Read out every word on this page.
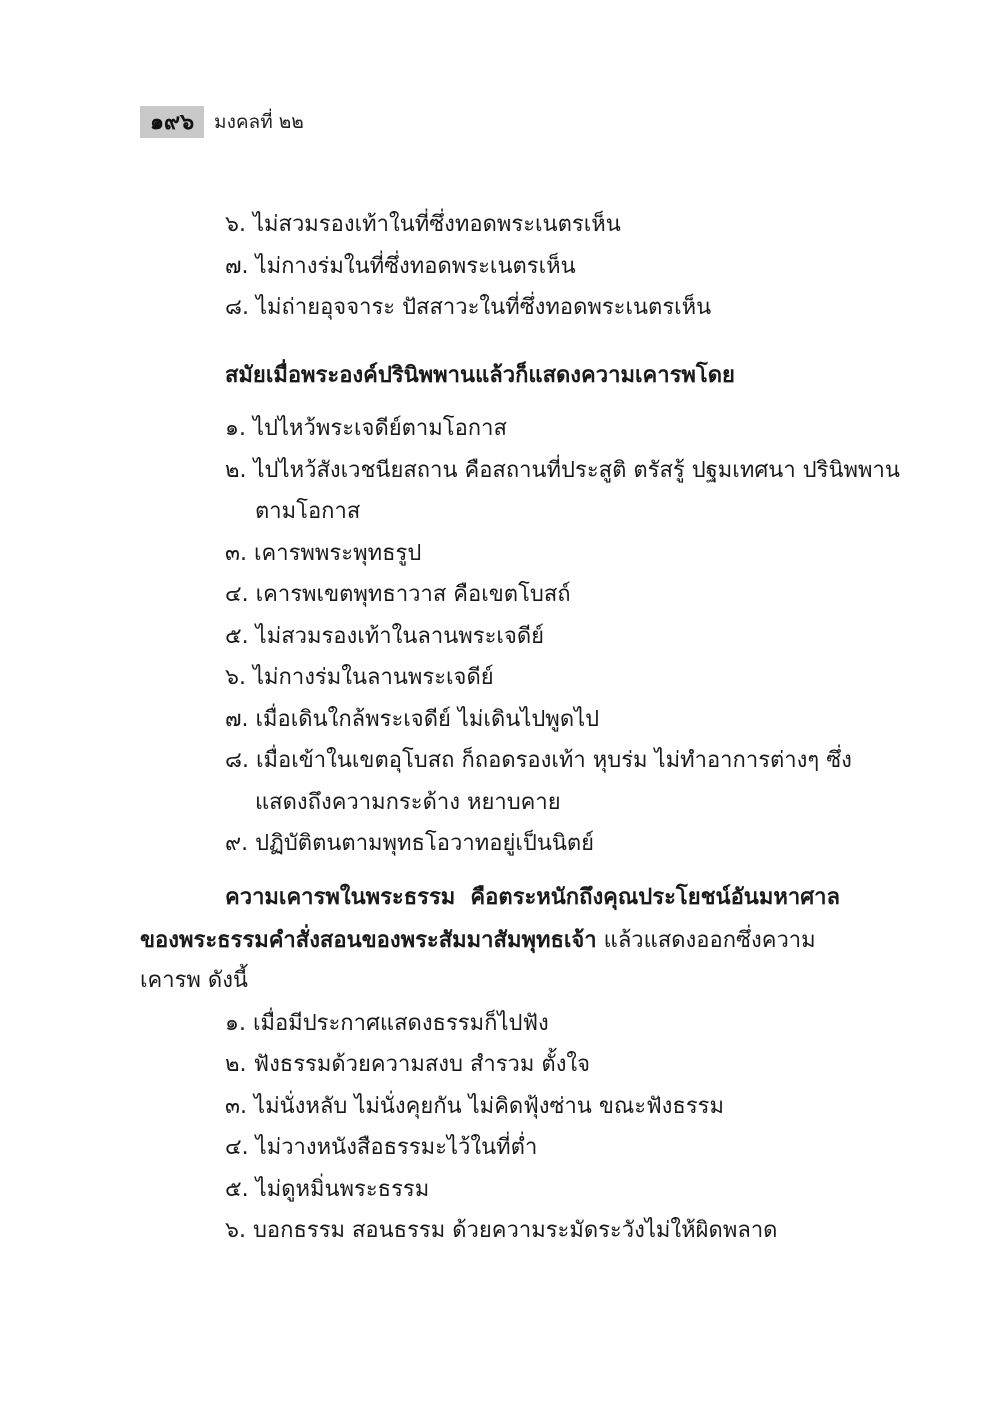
๑๙๖	มงคลที่ ๒๒
๖. ไม่สวมรองเท้าในที่ซึ่งทอดพระเนตรเห็น
๗. ไม่กางร่มในที่ซึ่งทอดพระเนตรเห็น
๘. ไม่ถ่ายอุจจาระ ปัสสาวะในที่ซึ่งทอดพระเนตรเห็น
สมัยเมื่อพระองค์ปรินิพพานแล้วก็แสดงความเคารพโดย
๑. ไปไหว้พระเจดีย์ตามโอกาส
๒. ไปไหว้สังเวชนียสถาน คือสถานที่ประสูติ ตรัสรู้ ปฐมเทศนา ปรินิพพาน
ตามโอกาส
๓. เคารพพระพุทธรูป
๔. เคารพเขตพุทธาวาส คือเขตโบสถ์
๕. ไม่สวมรองเท้าในลานพระเจดีย์
๖. ไม่กางร่มในลานพระเจดีย์
๗. เมื่อเดินใกล้พระเจดีย์ ไม่เดินไปพูดไป
๘. เมื่อเข้าในเขตอุโบสถ ก็ถอดรองเท้า หุบร่ม ไม่ทำอาการต่างๆ ซึ่ง
แสดงถึงความกระด้าง หยาบคาย
๙. ปฏิบัติตนตามพุทธโอวาทอยู่เป็นนิตย์
ความเคารพในพระธรรม คือตระหนักถึงคุณประโยชน์อันมหาศาล
ของพระธรรมคำสั่งสอนของพระสัมมาสัมพุทธเจ้า แล้วแสดงออกซึ่งความ
เคารพ ดังนี้
๑. เมื่อมีประกาศแสดงธรรมก็ไปฟัง
๒. ฟังธรรมด้วยความสงบ สำรวม ตั้งใจ
๓. ไม่นั่งหลับ ไม่นั่งคุยกัน ไม่คิดฟุ้งซ่าน ขณะฟังธรรม
๔. ไม่วางหนังสือธรรมะไว้ในที่ต่ำ
๕. ไม่ดูหมิ่นพระธรรม
๖. บอกธรรม สอนธรรม ด้วยความระมัดระวังไม่ให้ผิดพลาด
